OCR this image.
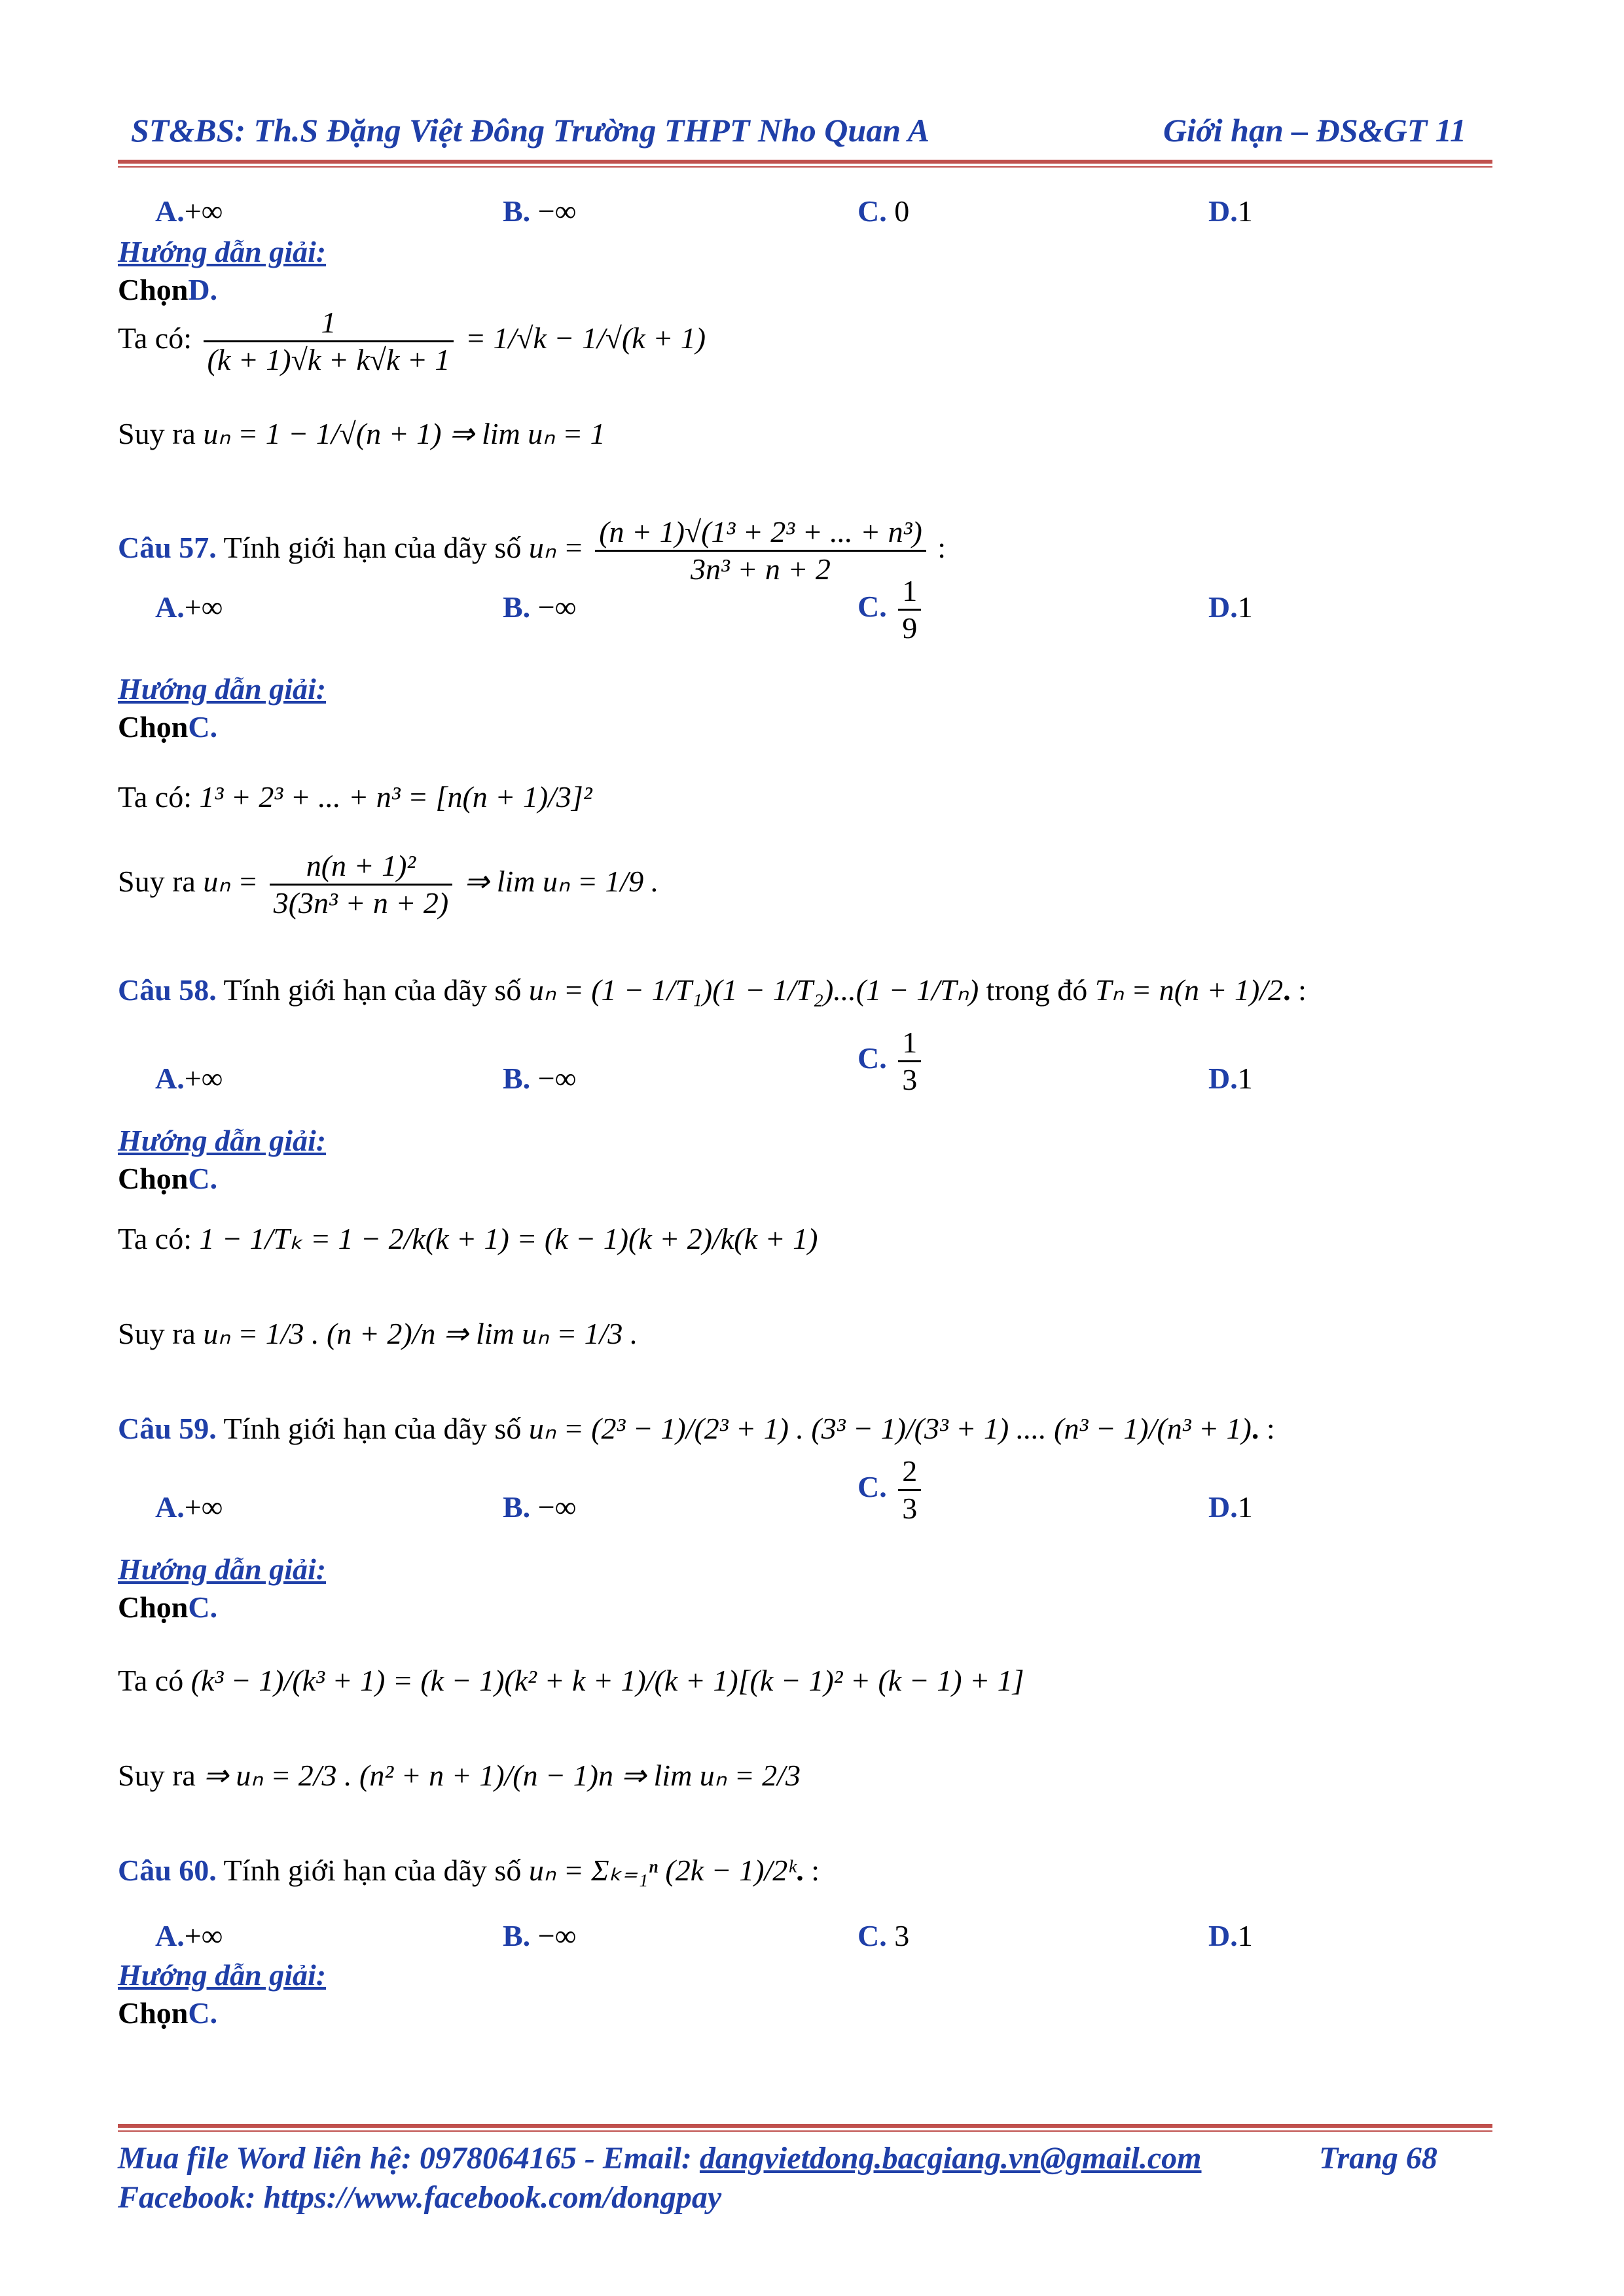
ST&BS: Th.S Đặng Việt Đông Trường THPT Nho Quan A	Giới hạn – ĐS&GT 11
A.+∞	B. −∞	C. 0	D.1
Hướng dẫn giải:
ChọnD.
Ta có: $\frac{1}{(k + 1)√k + k√k + 1} = 1/√k - 1/√(k + 1)$
Suy ra uₙ = 1 − 1/√(n + 1) ⇒ lim uₙ = 1
Câu 57. Tính giới hạn của dãy số $u_n = \frac{\text{(n + 1)√(1³ + 2³ + ... + n³)}}{\text{3n³ + n + 2}}$ :
A.+∞	B. −∞	C. $\frac{1}{9}$	D.1
Hướng dẫn giải:
ChọnC.
Ta có: 1³ + 2³ + ... + n³ = [n(n + 1)/3]²
Suy ra $u_n = \frac{\text{n(n + 1)²}}{\text{3(3n³ + n + 2)}}$ ⇒ lim uₙ = 1/9 .
Câu 58. Tính giới hạn của dãy số uₙ = (1 − 1/T₁)(1 − 1/T₂)...(1 − 1/Tₙ) trong đó Tₙ = n(n + 1)/2. :
A.+∞	B. −∞
C. $\frac{1}{3}$	D.1
Hướng dẫn giải:
ChọnC.
Ta có: 1 − 1/Tₖ = 1 − 2/k(k + 1) = (k − 1)(k + 2)/k(k + 1)
Suy ra uₙ = 1/3 . (n + 2)/n ⇒ lim uₙ = 1/3 .
Câu 59. Tính giới hạn của dãy số uₙ = (2³ − 1)/(2³ + 1) . (3³ − 1)/(3³ + 1) .... (n³ − 1)/(n³ + 1). :
A.+∞	B. −∞
C. $\frac{2}{3}$	D.1
Hướng dẫn giải:
ChọnC.
Ta có (k³ − 1)/(k³ + 1) = (k − 1)(k² + k + 1)/(k + 1)[(k − 1)² + (k − 1) + 1]
Suy ra ⇒ uₙ = 2/3 . (n² + n + 1)/(n − 1)n ⇒ lim uₙ = 2/3
Câu 60. Tính giới hạn của dãy số uₙ = Σₖ₌₁ⁿ (2k − 1)/2ᵏ. :
A.+∞	B. −∞	C. 3	D.1
Hướng dẫn giải:
ChọnC.
Mua file Word liên hệ: 0978064165 - Email: dangvietdong.bacgiang.vn@gmail.com	Trang 68
Facebook: https://www.facebook.com/dongpay
